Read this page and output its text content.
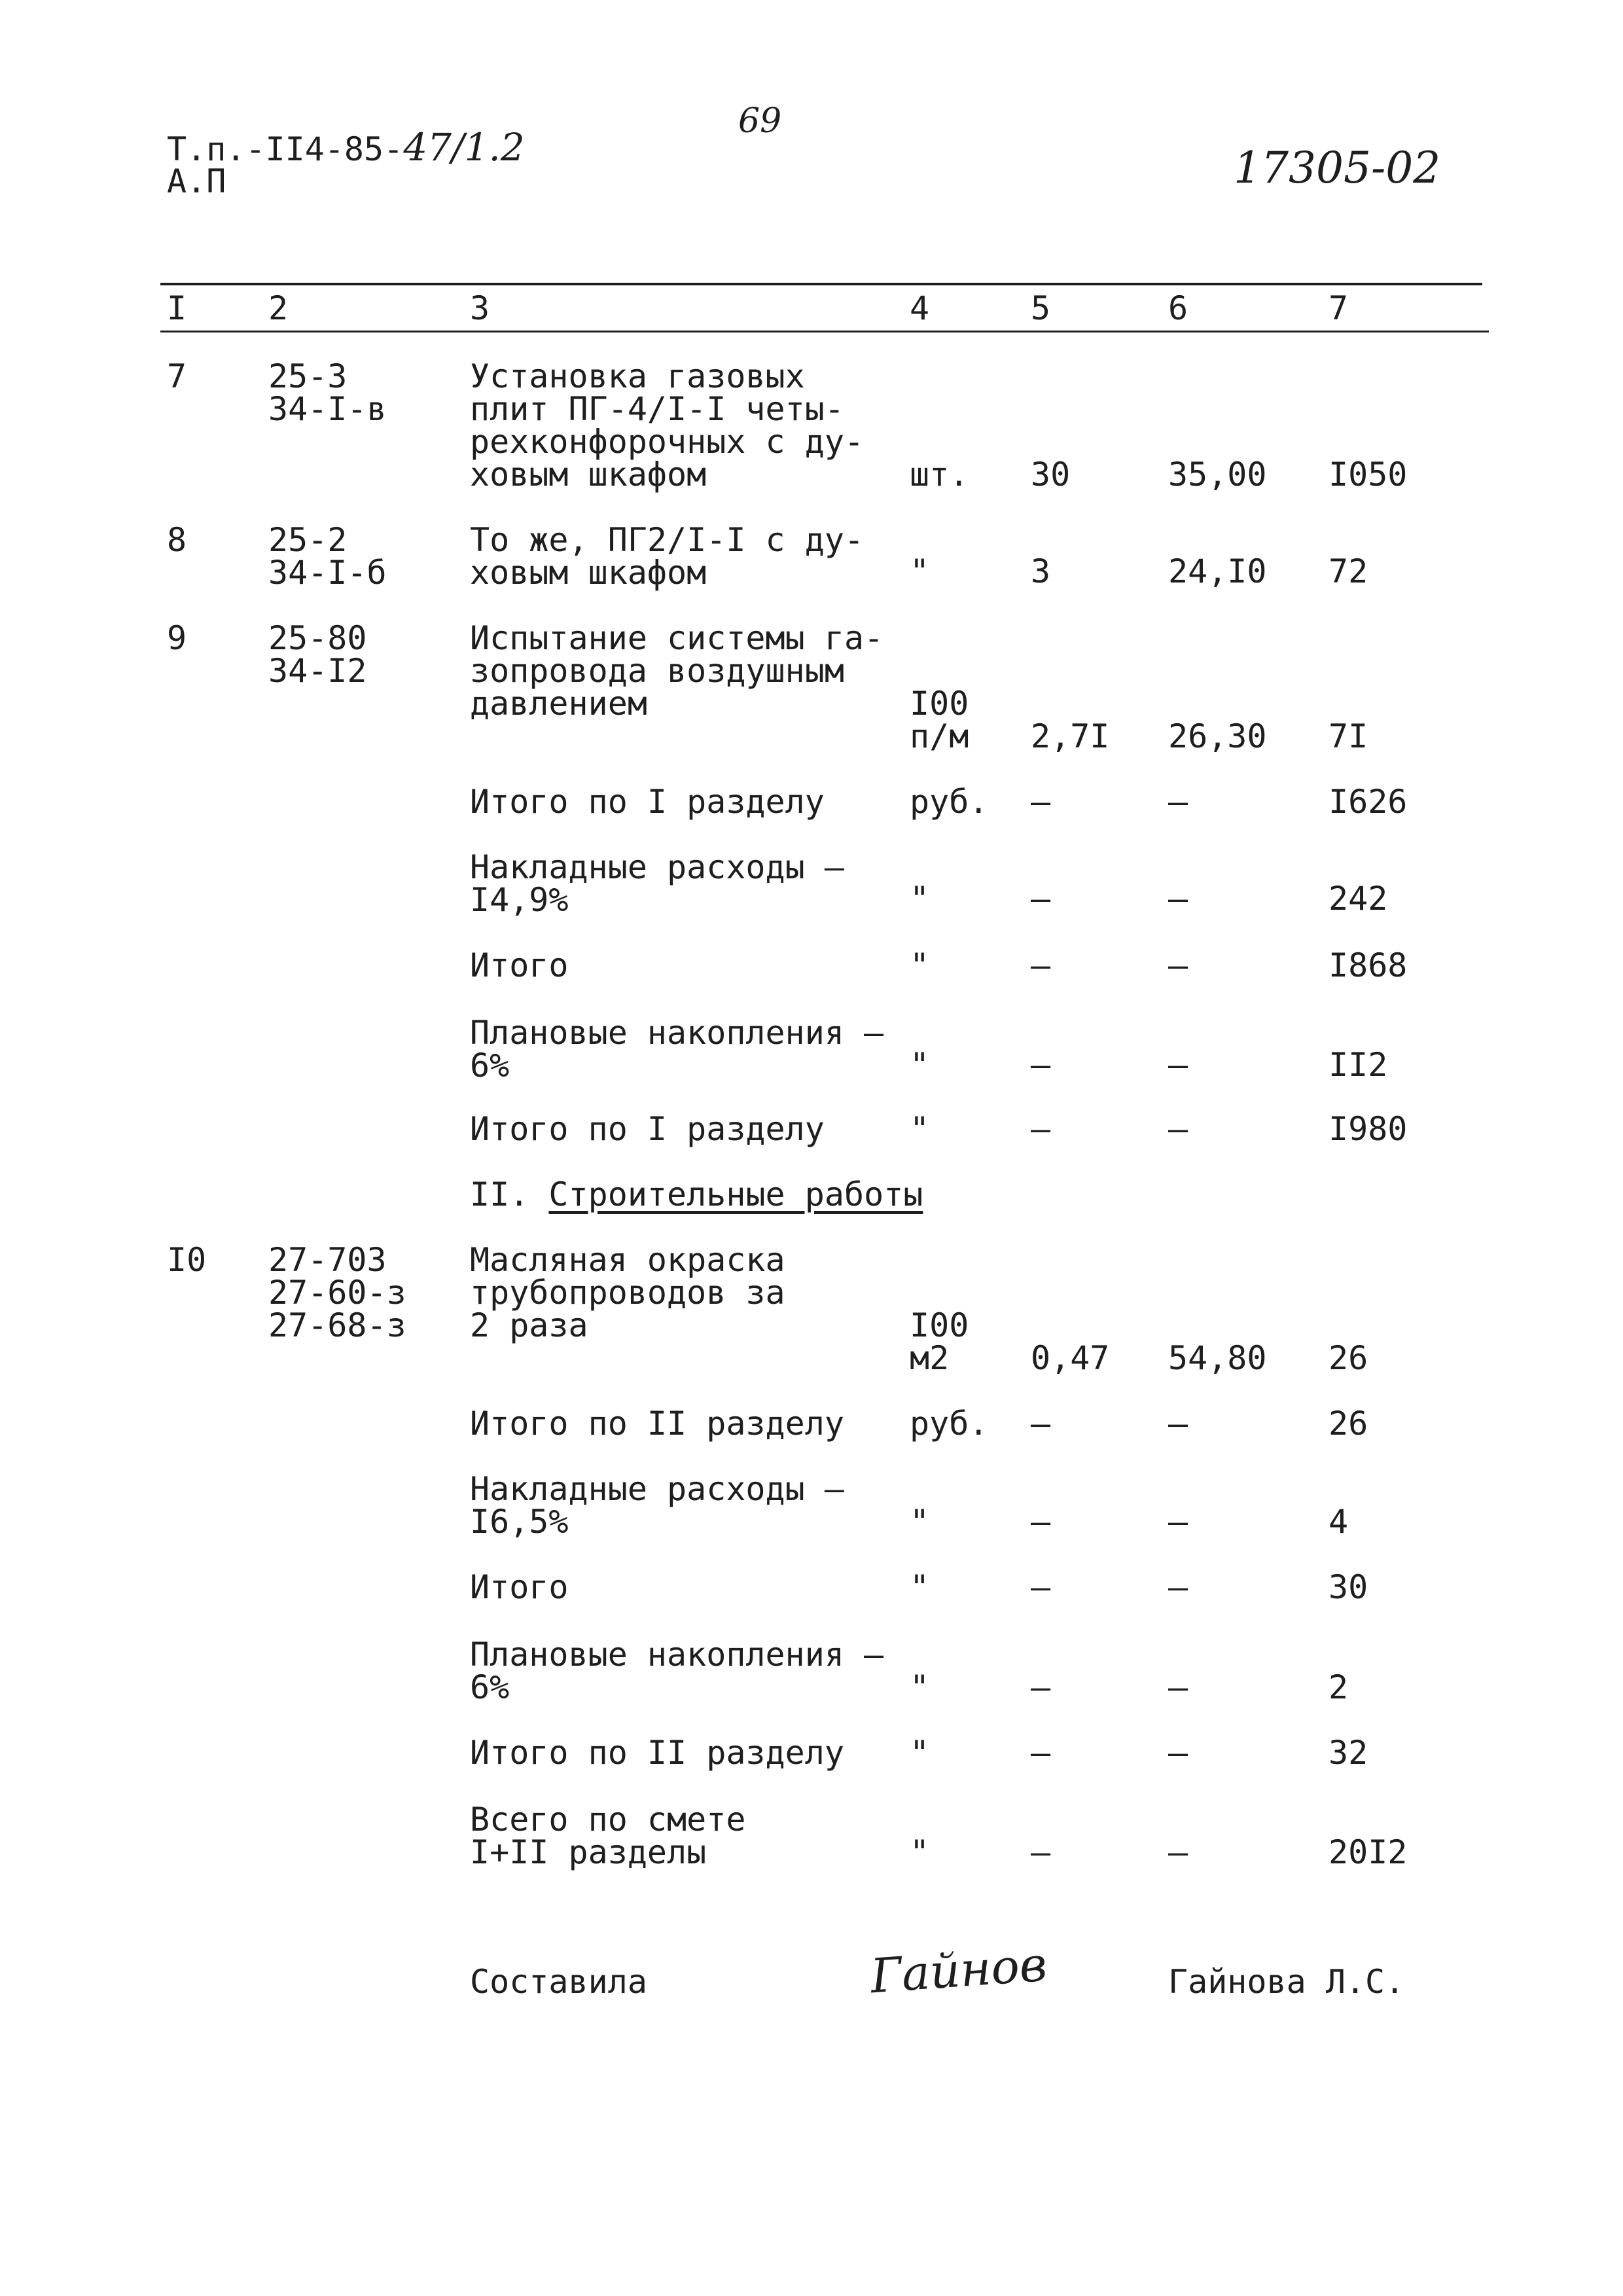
Т.п.-II4-85-47/1.2
А.П
69
17305-02
I 2	3	4	5	6	7
7 25-3
34-I-в
Установка газовых
плит ПГ-4/I-I четы-
рехконфорочных с ду-
ховым шкафом	шт. 30	35,00 I050
8 25-2
34-I-б
То же, ПГ2/I-I с ду-
ховым шкафом	"	3	24,I0 72
9 25-80
34-I2
Испытание системы га-
зопровода воздушным
давлением	I00
п/м 2,7I 26,30 7I
Итого по I разделу	руб. –	–	I626
Накладные расходы –
I4,9%	"	–	–	242
Итого	"	–	–	I868
Плановые накопления –
6%	"	–	–	II2
Итого по I разделу	"	–	–	I980
II. Строительные работы
I0 27-703
27-60-з
27-68-з
Масляная окраска
трубопроводов за
2 раза	I00
м2	0,47 54,80 26
Итого по II разделу руб. –	–	26
Накладные расходы –
I6,5%	"	–	–	4
Итого	"	–	–	30
Плановые накопления –
6%	"	–	–	2
Итого по II разделу "	–	–	32
Всего по смете
I+II разделы	"	–	–	20I2
Составила	Гайнов	Гайнова Л.С.
